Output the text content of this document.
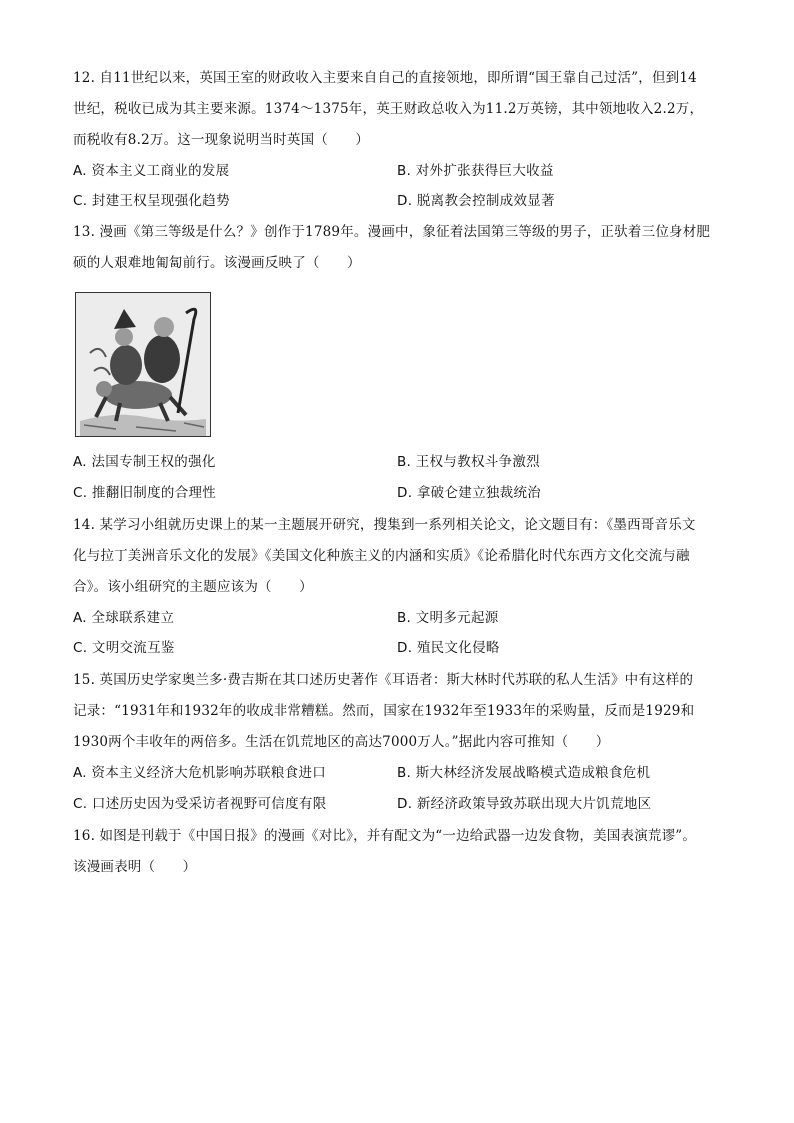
12. 自11世纪以来，英国王室的财政收入主要来自自己的直接领地，即所谓“国王靠自己过活”，但到14
世纪，税收已成为其主要来源。1374～1375年，英王财政总收入为11.2万英镑，其中领地收入2.2万，
而税收有8.2万。这一现象说明当时英国（　　）
A. 资本主义工商业的发展	B. 对外扩张获得巨大收益
C. 封建王权呈现强化趋势	D. 脱离教会控制成效显著
13. 漫画《第三等级是什么？》创作于1789年。漫画中，象征着法国第三等级的男子，正驮着三位身材肥
硕的人艰难地匍匐前行。该漫画反映了（　　）
A. 法国专制王权的强化	B. 王权与教权斗争激烈
C. 推翻旧制度的合理性	D. 拿破仑建立独裁统治
14. 某学习小组就历史课上的某一主题展开研究，搜集到一系列相关论文，论文题目有：《墨西哥音乐文
化与拉丁美洲音乐文化的发展》《美国文化种族主义的内涵和实质》《论希腊化时代东西方文化交流与融
合》。该小组研究的主题应该为（　　）
A. 全球联系建立	B. 文明多元起源
C. 文明交流互鉴	D. 殖民文化侵略
15. 英国历史学家奥兰多·费吉斯在其口述历史著作《耳语者：斯大林时代苏联的私人生活》中有这样的
记录：“1931年和1932年的收成非常糟糕。然而，国家在1932年至1933年的采购量，反而是1929和
1930两个丰收年的两倍多。生活在饥荒地区的高达7000万人。”据此内容可推知（　　）
A. 资本主义经济大危机影响苏联粮食进口	B. 斯大林经济发展战略模式造成粮食危机
C. 口述历史因为受采访者视野可信度有限	D. 新经济政策导致苏联出现大片饥荒地区
16. 如图是刊载于《中国日报》的漫画《对比》，并有配文为“一边给武器一边发食物，美国表演荒谬”。
该漫画表明（　　）
